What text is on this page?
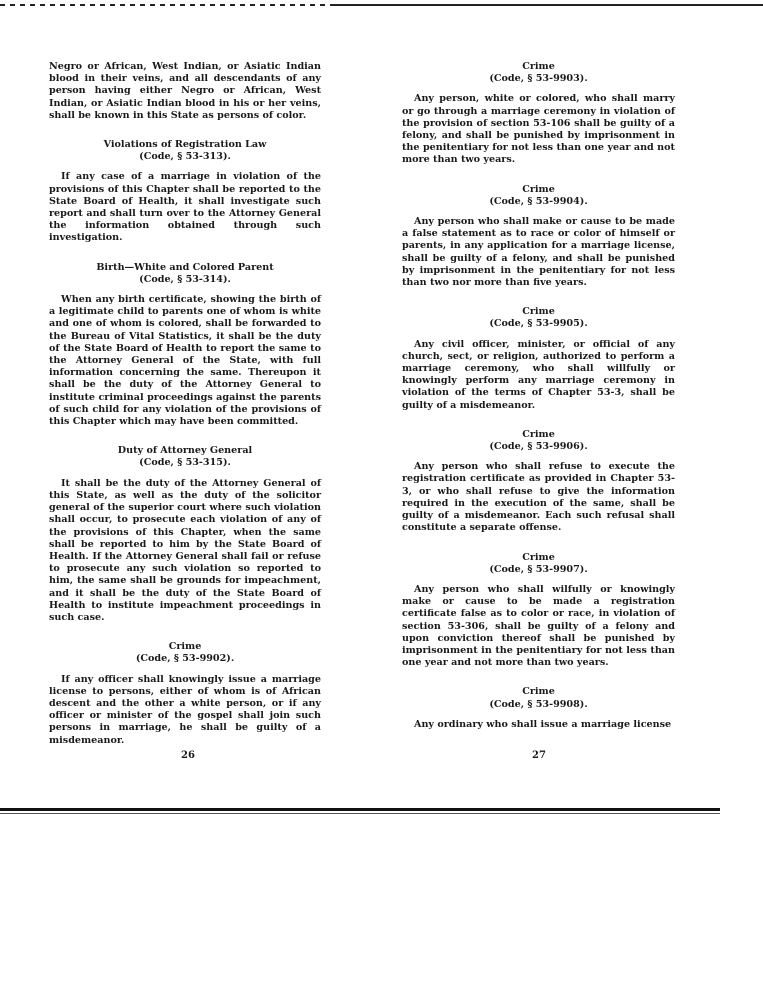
Negro or African, West Indian, or Asiatic Indian blood in their veins, and all descendants of any person having either Negro or African, West Indian, or Asiatic Indian blood in his or her veins, shall be known in this State as persons of color.

Violations of Registration Law
(Code, § 53-313).

If any case of a marriage in violation of the provisions of this Chapter shall be reported to the State Board of Health, it shall investigate such report and shall turn over to the Attorney General the information obtained through such investigation.

Birth—White and Colored Parent
(Code, § 53-314).

When any birth certificate, showing the birth of a legitimate child to parents one of whom is white and one of whom is colored, shall be forwarded to the Bureau of Vital Statistics, it shall be the duty of the State Board of Health to report the same to the Attorney General of the State, with full information concerning the same. Thereupon it shall be the duty of the Attorney General to institute criminal proceedings against the parents of such child for any violation of the provisions of this Chapter which may have been committed.

Duty of Attorney General
(Code, § 53-315).

It shall be the duty of the Attorney General of this State, as well as the duty of the solicitor general of the superior court where such violation shall occur, to prosecute each violation of any of the provisions of this Chapter, when the same shall be reported to him by the State Board of Health. If the Attorney General shall fail or refuse to prosecute any such violation so reported to him, the same shall be grounds for impeachment, and it shall be the duty of the State Board of Health to institute impeachment proceedings in such case.

Crime
(Code, § 53-9902).

If any officer shall knowingly issue a marriage license to persons, either of whom is of African descent and the other a white person, or if any officer or minister of the gospel shall join such persons in marriage, he shall be guilty of a misdemeanor.

Crime
(Code, § 53-9903).

Any person, white or colored, who shall marry or go through a marriage ceremony in violation of the provision of section 53-106 shall be guilty of a felony, and shall be punished by imprisonment in the penitentiary for not less than one year and not more than two years.

Crime
(Code, § 53-9904).

Any person who shall make or cause to be made a false statement as to race or color of himself or parents, in any application for a marriage license, shall be guilty of a felony, and shall be punished by imprisonment in the penitentiary for not less than two nor more than five years.

Crime
(Code, § 53-9905).

Any civil officer, minister, or official of any church, sect, or religion, authorized to perform a marriage ceremony, who shall willfully or knowingly perform any marriage ceremony in violation of the terms of Chapter 53-3, shall be guilty of a misdemeanor.

Crime
(Code, § 53-9906).

Any person who shall refuse to execute the registration certificate as provided in Chapter 53-3, or who shall refuse to give the information required in the execution of the same, shall be guilty of a misdemeanor. Each such refusal shall constitute a separate offense.

Crime
(Code, § 53-9907).

Any person who shall wilfully or knowingly make or cause to be made a registration certificate false as to color or race, in violation of section 53-306, shall be guilty of a felony and upon conviction thereof shall be punished by imprisonment in the penitentiary for not less than one year and not more than two years.

Crime
(Code, § 53-9908).

Any ordinary who shall issue a marriage license

26	27
